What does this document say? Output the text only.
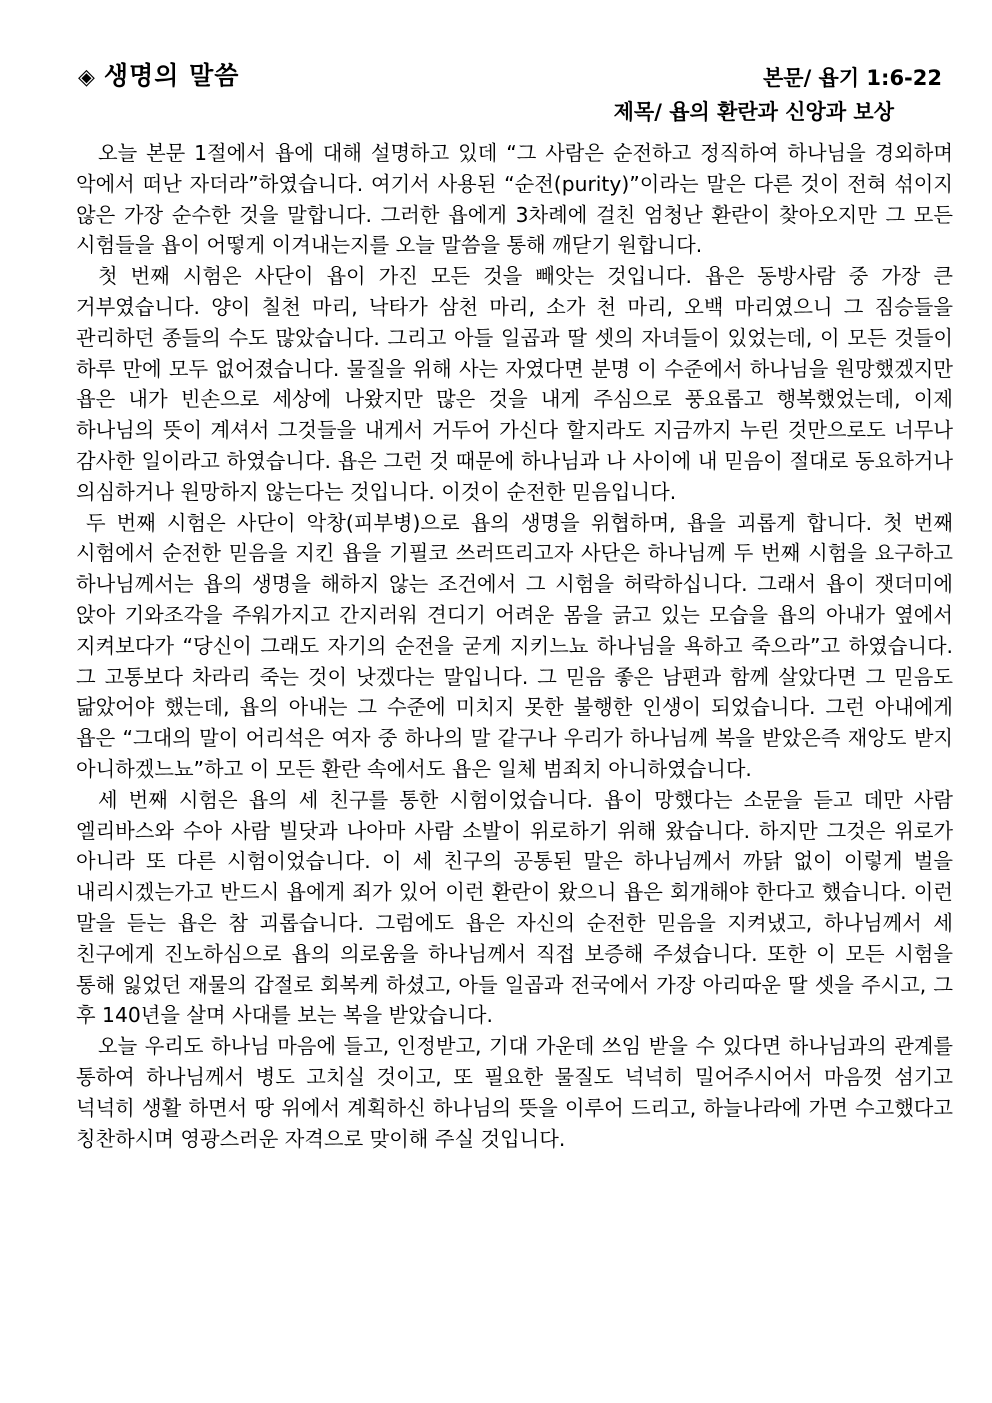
◈ 생명의 말씀	본문/ 욥기 1:6-22
제목/ 욥의 환란과 신앙과 보상

오늘 본문 1절에서 욥에 대해 설명하고 있데 “그 사람은 순전하고 정직하여 하나님을 경외하며 악에서 떠난 자더라”하였습니다. 여기서 사용된 “순전(purity)”이라는 말은 다른 것이 전혀 섞이지 않은 가장 순수한 것을 말합니다. 그러한 욥에게 3차례에 걸친 엄청난 환란이 찾아오지만 그 모든 시험들을 욥이 어떻게 이겨내는지를 오늘 말씀을 통해 깨닫기 원합니다.

첫 번째 시험은 사단이 욥이 가진 모든 것을 빼앗는 것입니다. 욥은 동방사람 중 가장 큰 거부였습니다. 양이 칠천 마리, 낙타가 삼천 마리, 소가 천 마리, 오백 마리였으니 그 짐승들을 관리하던 종들의 수도 많았습니다. 그리고 아들 일곱과 딸 셋의 자녀들이 있었는데, 이 모든 것들이 하루 만에 모두 없어졌습니다. 물질을 위해 사는 자였다면 분명 이 수준에서 하나님을 원망했겠지만 욥은 내가 빈손으로 세상에 나왔지만 많은 것을 내게 주심으로 풍요롭고 행복했었는데, 이제 하나님의 뜻이 계셔서 그것들을 내게서 거두어 가신다 할지라도 지금까지 누린 것만으로도 너무나 감사한 일이라고 하였습니다. 욥은 그런 것 때문에 하나님과 나 사이에 내 믿음이 절대로 동요하거나 의심하거나 원망하지 않는다는 것입니다. 이것이 순전한 믿음입니다.

두 번째 시험은 사단이 악창(피부병)으로 욥의 생명을 위협하며, 욥을 괴롭게 합니다. 첫 번째 시험에서 순전한 믿음을 지킨 욥을 기필코 쓰러뜨리고자 사단은 하나님께 두 번째 시험을 요구하고 하나님께서는 욥의 생명을 해하지 않는 조건에서 그 시험을 허락하십니다. 그래서 욥이 잿더미에 앉아 기와조각을 주워가지고 간지러워 견디기 어려운 몸을 긁고 있는 모습을 욥의 아내가 옆에서 지켜보다가 “당신이 그래도 자기의 순전을 굳게 지키느뇨 하나님을 욕하고 죽으라”고 하였습니다. 그 고통보다 차라리 죽는 것이 낫겠다는 말입니다. 그 믿음 좋은 남편과 함께 살았다면 그 믿음도 닮았어야 했는데, 욥의 아내는 그 수준에 미치지 못한 불행한 인생이 되었습니다. 그런 아내에게 욥은 “그대의 말이 어리석은 여자 중 하나의 말 같구나 우리가 하나님께 복을 받았은즉 재앙도 받지 아니하겠느뇨”하고 이 모든 환란 속에서도 욥은 일체 범죄치 아니하였습니다.

세 번째 시험은 욥의 세 친구를 통한 시험이었습니다. 욥이 망했다는 소문을 듣고 데만 사람 엘리바스와 수아 사람 빌닷과 나아마 사람 소발이 위로하기 위해 왔습니다. 하지만 그것은 위로가 아니라 또 다른 시험이었습니다. 이 세 친구의 공통된 말은 하나님께서 까닭 없이 이렇게 벌을 내리시겠는가고 반드시 욥에게 죄가 있어 이런 환란이 왔으니 욥은 회개해야 한다고 했습니다. 이런 말을 듣는 욥은 참 괴롭습니다. 그럼에도 욥은 자신의 순전한 믿음을 지켜냈고, 하나님께서 세 친구에게 진노하심으로 욥의 의로움을 하나님께서 직접 보증해 주셨습니다. 또한 이 모든 시험을 통해 잃었던 재물의 갑절로 회복케 하셨고, 아들 일곱과 전국에서 가장 아리따운 딸 셋을 주시고, 그 후 140년을 살며 사대를 보는 복을 받았습니다.

오늘 우리도 하나님 마음에 들고, 인정받고, 기대 가운데 쓰임 받을 수 있다면 하나님과의 관계를 통하여 하나님께서 병도 고치실 것이고, 또 필요한 물질도 넉넉히 밀어주시어서 마음껏 섬기고 넉넉히 생활 하면서 땅 위에서 계획하신 하나님의 뜻을 이루어 드리고, 하늘나라에 가면 수고했다고 칭찬하시며 영광스러운 자격으로 맞이해 주실 것입니다.
